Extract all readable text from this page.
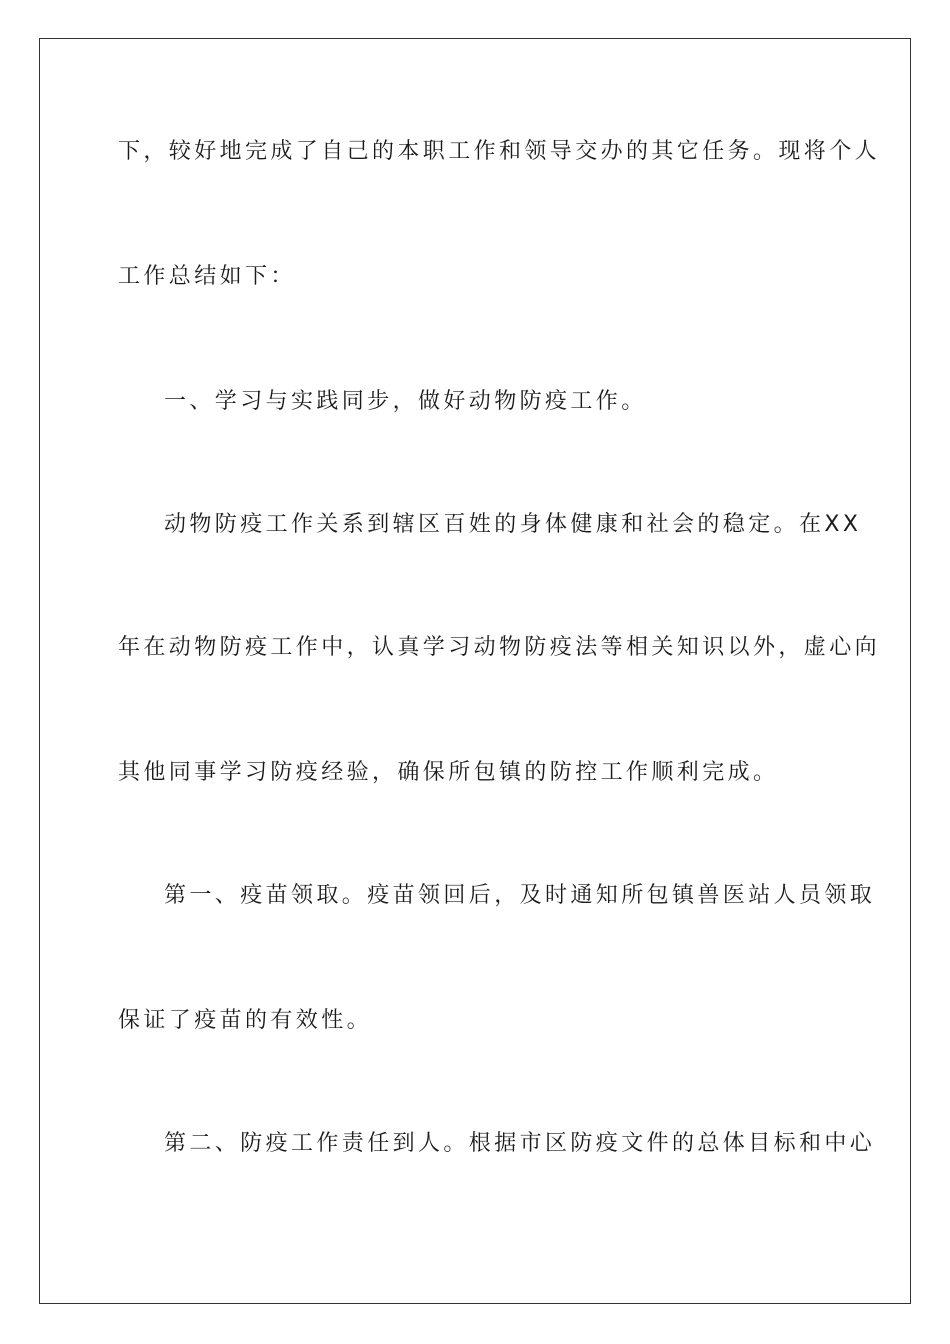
下，较好地完成了自己的本职工作和领导交办的其它任务。现将个人

工作总结如下：

一、学习与实践同步，做好动物防疫工作。

动物防疫工作关系到辖区百姓的身体健康和社会的稳定。在XX

年在动物防疫工作中，认真学习动物防疫法等相关知识以外，虚心向

其他同事学习防疫经验，确保所包镇的防控工作顺利完成。

第一、疫苗领取。疫苗领回后，及时通知所包镇兽医站人员领取

保证了疫苗的有效性。

第二、防疫工作责任到人。根据市区防疫文件的总体目标和中心
